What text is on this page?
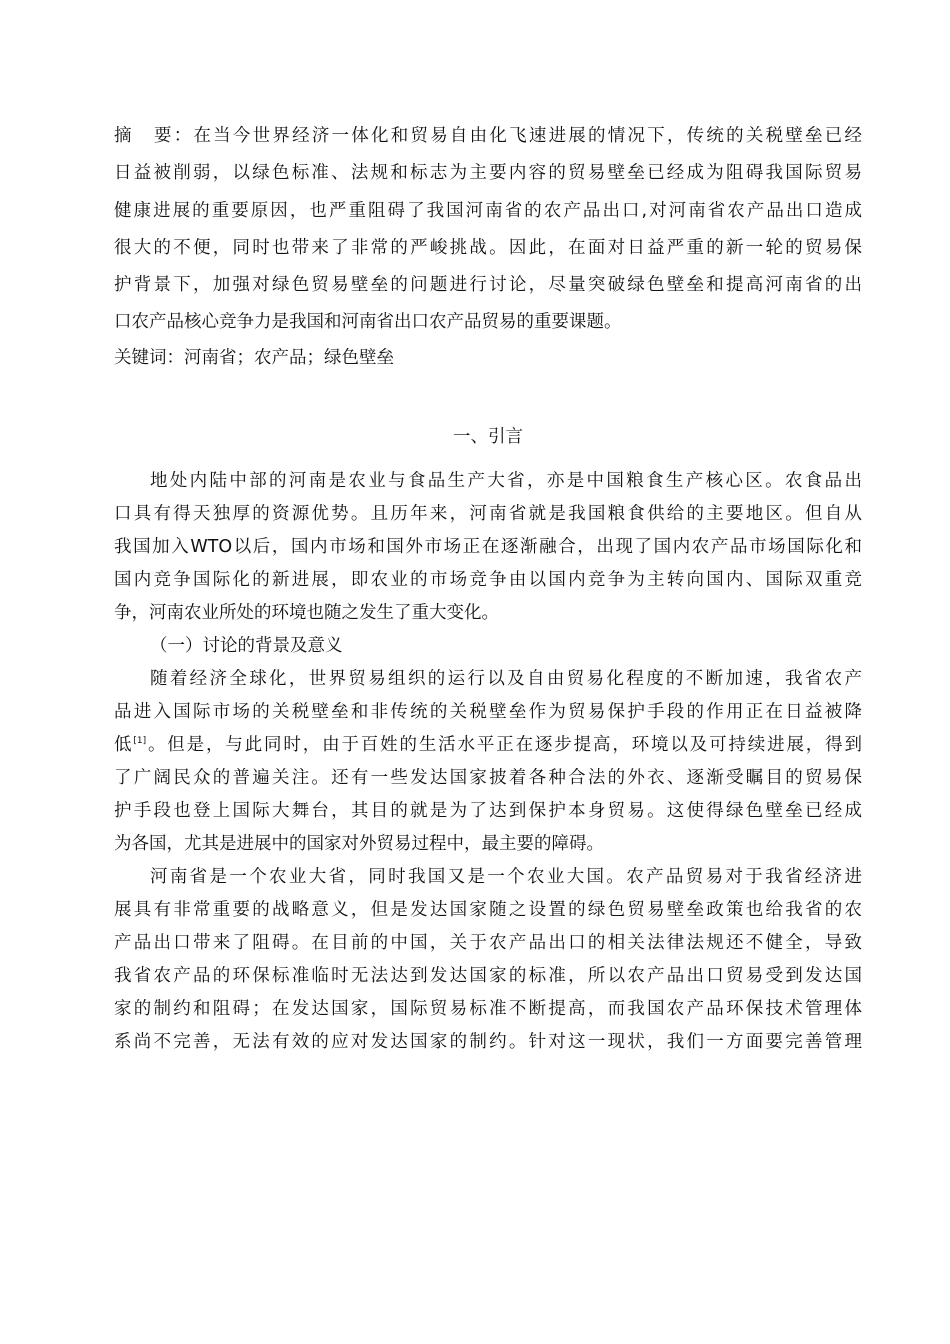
摘 要：在当今世界经济一体化和贸易自由化飞速进展的情况下，传统的关税壁垒已经
日益被削弱，以绿色标准、法规和标志为主要内容的贸易壁垒已经成为阻碍我国际贸易
健康进展的重要原因，也严重阻碍了我国河南省的农产品出口,对河南省农产品出口造成
很大的不便，同时也带来了非常的严峻挑战。因此，在面对日益严重的新一轮的贸易保
护背景下，加强对绿色贸易壁垒的问题进行讨论，尽量突破绿色壁垒和提高河南省的出
口农产品核心竞争力是我国和河南省出口农产品贸易的重要课题。
关键词：河南省；农产品；绿色壁垒
一、引言
地处内陆中部的河南是农业与食品生产大省，亦是中国粮食生产核心区。农食品出
口具有得天独厚的资源优势。且历年来，河南省就是我国粮食供给的主要地区。但自从
我国加入WTO以后，国内市场和国外市场正在逐渐融合，出现了国内农产品市场国际化和
国内竞争国际化的新进展，即农业的市场竞争由以国内竞争为主转向国内、国际双重竞
争，河南农业所处的环境也随之发生了重大变化。
（一）讨论的背景及意义
随着经济全球化，世界贸易组织的运行以及自由贸易化程度的不断加速，我省农产
品进入国际市场的关税壁垒和非传统的关税壁垒作为贸易保护手段的作用正在日益被降
低[1]。但是，与此同时，由于百姓的生活水平正在逐步提高，环境以及可持续进展，得到
了广阔民众的普遍关注。还有一些发达国家披着各种合法的外衣、逐渐受瞩目的贸易保
护手段也登上国际大舞台，其目的就是为了达到保护本身贸易。这使得绿色壁垒已经成
为各国，尤其是进展中的国家对外贸易过程中，最主要的障碍。
河南省是一个农业大省，同时我国又是一个农业大国。农产品贸易对于我省经济进
展具有非常重要的战略意义，但是发达国家随之设置的绿色贸易壁垒政策也给我省的农
产品出口带来了阻碍。在目前的中国，关于农产品出口的相关法律法规还不健全，导致
我省农产品的环保标准临时无法达到发达国家的标准，所以农产品出口贸易受到发达国
家的制约和阻碍；在发达国家，国际贸易标准不断提高，而我国农产品环保技术管理体
系尚不完善，无法有效的应对发达国家的制约。针对这一现状，我们一方面要完善管理
